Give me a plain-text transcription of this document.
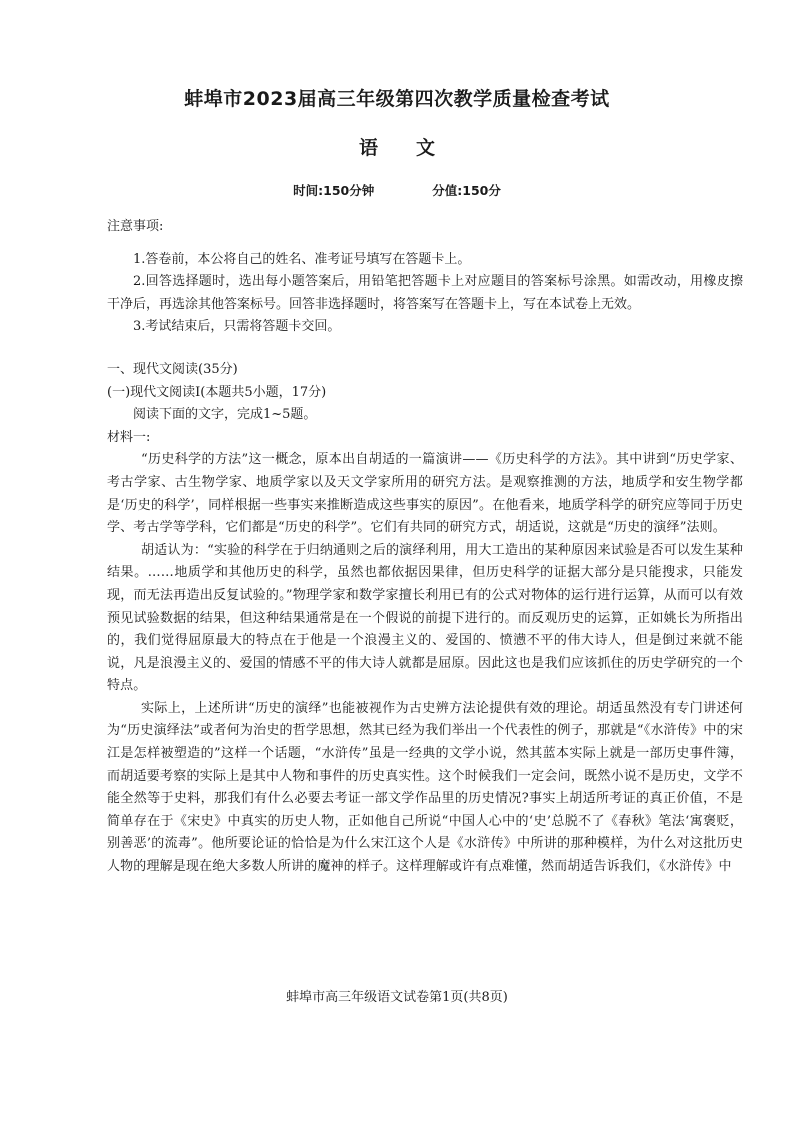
蚌埠市2023届高三年级第四次教学质量检查考试
语文
时间:150分钟	分值:150分

注意事项:

1.答卷前，本公将自己的姓名、准考证号填写在答题卡上。
2.回答选择题时，选出每小题答案后，用铅笔把答题卡上对应题目的答案标号涂黑。如需改动，用橡皮擦干净后，再选涂其他答案标号。回答非选择题时，将答案写在答题卡上，写在本试卷上无效。
3.考试结束后，只需将答题卡交回。

一、现代文阅读(35分)

(一)现代文阅读Ⅰ(本题共5小题，17分)

阅读下面的文字，完成1~5题。

材料一:

“历史科学的方法”这一概念，原本出自胡适的一篇演讲——《历史科学的方法》。其中讲到“历史学家、考古学家、古生物学家、地质学家以及天文学家所用的研究方法。是观察推测的方法，地质学和安生物学都是‘历史的科学’，同样根据一些事实来推断造成这些事实的原因”。在他看来，地质学科学的研究应等同于历史学、考古学等学科，它们都是“历史的科学”。它们有共同的研究方式，胡适说，这就是“历史的演绎”法则。

胡适认为：“实验的科学在于归纳通则之后的演绎利用，用大工造出的某种原因来试验是否可以发生某种结果。……地质学和其他历史的科学，虽然也都依据因果律，但历史科学的证据大部分是只能搜求，只能发现，而无法再造出反复试验的。”物理学家和数学家擅长利用已有的公式对物体的运行进行运算，从而可以有效预见试验数据的结果，但这种结果通常是在一个假说的前提下进行的。而反观历史的运算，正如姚长为所指出的，我们觉得屈原最大的特点在于他是一个浪漫主义的、爱国的、愤懑不平的伟大诗人，但是倒过来就不能说，凡是浪漫主义的、爱国的情感不平的伟大诗人就都是屈原。因此这也是我们应该抓住的历史学研究的一个特点。

实际上，上述所讲“历史的演绎”也能被视作为古史辨方法论提供有效的理论。胡适虽然没有专门讲述何为“历史演绎法”或者何为治史的哲学思想，然其已经为我们举出一个代表性的例子，那就是“《水浒传》中的宋江是怎样被塑造的”这样一个话题，“水浒传”虽是一经典的文学小说，然其蓝本实际上就是一部历史事件簿，而胡适要考察的实际上是其中人物和事件的历史真实性。这个时候我们一定会问，既然小说不是历史，文学不能全然等于史料，那我们有什么必要去考证一部文学作品里的历史情况?事实上胡适所考证的真正价值，不是简单存在于《宋史》中真实的历史人物，正如他自己所说“中国人心中的‘史’总脱不了《春秋》笔法‘寓褒贬，别善恶’的流毒”。他所要论证的恰恰是为什么宋江这个人是《水浒传》中所讲的那种模样，为什么对这批历史人物的理解是现在绝大多数人所讲的魔神的样子。这样理解或许有点难懂，然而胡适告诉我们，《水浒传》中

蚌埠市高三年级语文试卷第1页(共8页)
